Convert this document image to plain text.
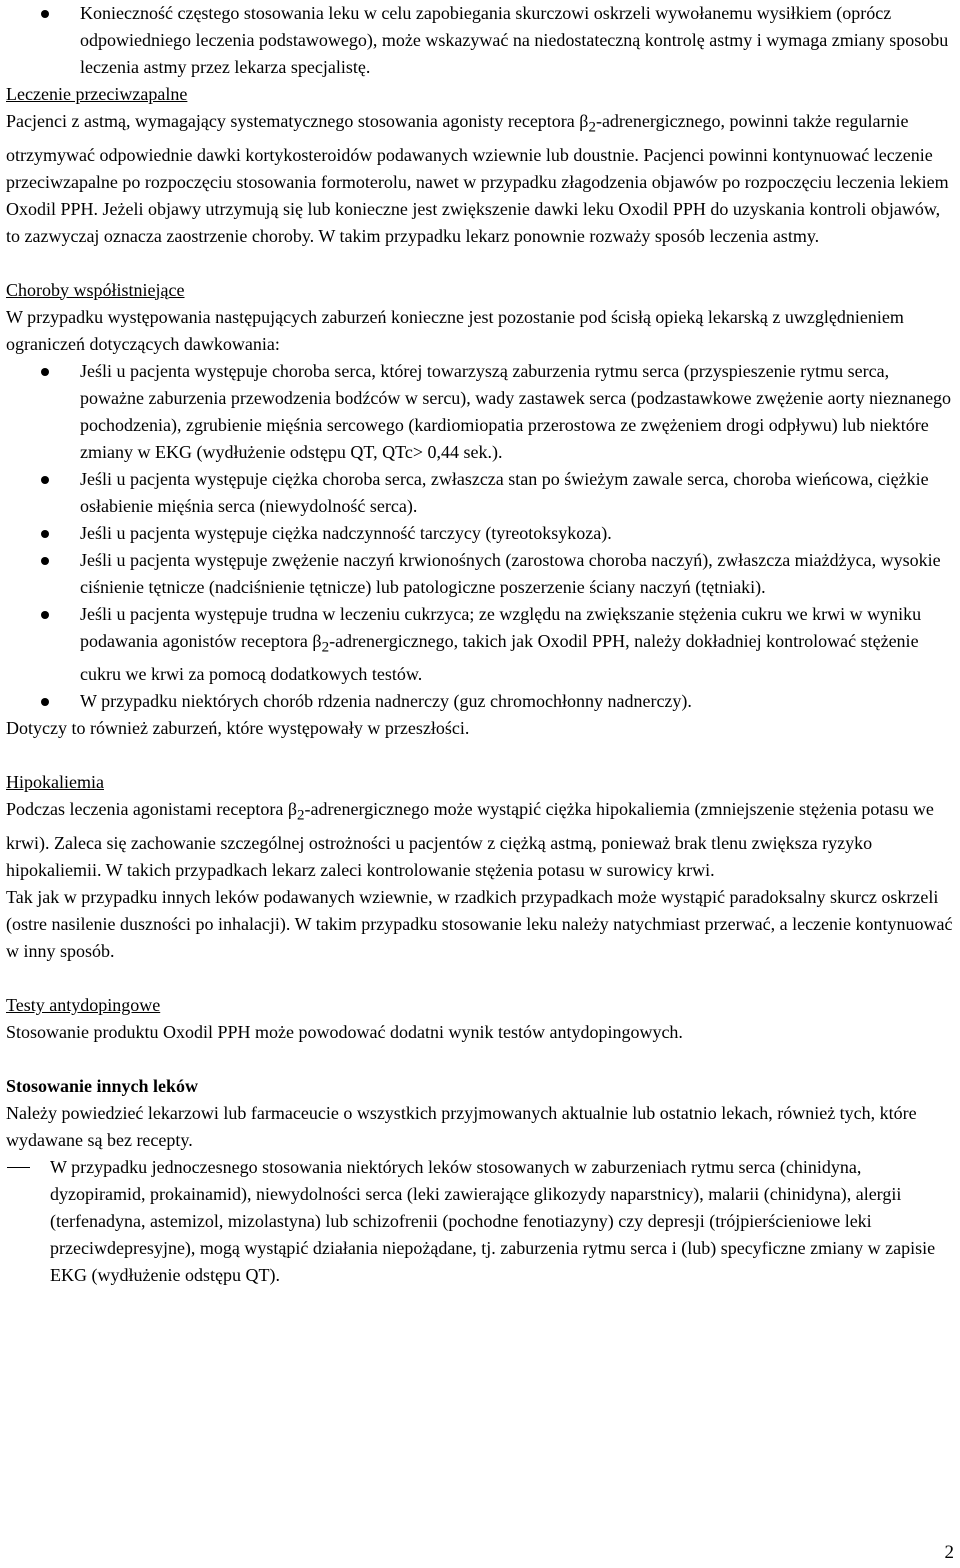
Konieczność częstego stosowania leku w celu zapobiegania skurczowi oskrzeli wywołanemu wysiłkiem (oprócz odpowiedniego leczenia podstawowego), może wskazywać na niedostateczną kontrolę astmy i wymaga zmiany sposobu leczenia astmy przez lekarza specjalistę.

Leczenie przeciwzapalne

Pacjenci z astmą, wymagający systematycznego stosowania agonisty receptora $\beta_2$-adrenergicznego, powinni także regularnie otrzymywać odpowiednie dawki kortykosteroidów podawanych wziewnie lub doustnie. Pacjenci powinni kontynuować leczenie przeciwzapalne po rozpoczęciu stosowania formoterolu, nawet w przypadku złagodzenia objawów po rozpoczęciu leczenia lekiem Oxodil PPH. Jeżeli objawy utrzymują się lub konieczne jest zwiększenie dawki leku Oxodil PPH do uzyskania kontroli objawów, to zazwyczaj oznacza zaostrzenie choroby. W takim przypadku lekarz ponownie rozważy sposób leczenia astmy.

Choroby współistniejące

W przypadku występowania następujących zaburzeń konieczne jest pozostanie pod ścisłą opieką lekarską z uwzględnieniem ograniczeń dotyczących dawkowania:

Jeśli u pacjenta występuje choroba serca, której towarzyszą zaburzenia rytmu serca (przyspieszenie rytmu serca, poważne zaburzenia przewodzenia bodźców w sercu), wady zastawek serca (podzastawkowe zwężenie aorty nieznanego pochodzenia), zgrubienie mięśnia sercowego (kardiomiopatia przerostowa ze zwężeniem drogi odpływu) lub niektóre zmiany w EKG (wydłużenie odstępu QT, QTc> 0,44 sek.).
Jeśli u pacjenta występuje ciężka choroba serca, zwłaszcza stan po świeżym zawale serca, choroba wieńcowa, ciężkie osłabienie mięśnia serca (niewydolność serca).
Jeśli u pacjenta występuje ciężka nadczynność tarczycy (tyreotoksykoza).
Jeśli u pacjenta występuje zwężenie naczyń krwionośnych (zarostowa choroba naczyń), zwłaszcza miażdżyca, wysokie ciśnienie tętnicze (nadciśnienie tętnicze) lub patologiczne poszerzenie ściany naczyń (tętniaki).
Jeśli u pacjenta występuje trudna w leczeniu cukrzyca; ze względu na zwiększanie stężenia cukru we krwi w wyniku podawania agonistów receptora $\beta_2$-adrenergicznego, takich jak Oxodil PPH, należy dokładniej kontrolować stężenie cukru we krwi za pomocą dodatkowych testów.
W przypadku niektórych chorób rdzenia nadnerczy (guz chromochłonny nadnerczy).

Dotyczy to również zaburzeń, które występowały w przeszłości.

Hipokaliemia

Podczas leczenia agonistami receptora $\beta_2$-adrenergicznego może wystąpić ciężka hipokaliemia (zmniejszenie stężenia potasu we krwi). Zaleca się zachowanie szczególnej ostrożności u pacjentów z ciężką astmą, ponieważ brak tlenu zwiększa ryzyko hipokaliemii. W takich przypadkach lekarz zaleci kontrolowanie stężenia potasu w surowicy krwi.

Tak jak w przypadku innych leków podawanych wziewnie, w rzadkich przypadkach może wystąpić paradoksalny skurcz oskrzeli (ostre nasilenie duszności po inhalacji). W takim przypadku stosowanie leku należy natychmiast przerwać, a leczenie kontynuować w inny sposób.

Testy antydopingowe

Stosowanie produktu Oxodil PPH może powodować dodatni wynik testów antydopingowych.

Stosowanie innych leków

Należy powiedzieć lekarzowi lub farmaceucie o wszystkich przyjmowanych aktualnie lub ostatnio lekach, również tych, które wydawane są bez recepty.

W przypadku jednoczesnego stosowania niektórych leków stosowanych w zaburzeniach rytmu serca (chinidyna, dyzopiramid, prokainamid), niewydolności serca (leki zawierające glikozydy naparstnicy), malarii (chinidyna), alergii (terfenadyna, astemizol, mizolastyna) lub schizofrenii (pochodne fenotiazyny) czy depresji (trójpierścieniowe leki przeciwdepresyjne), mogą wystąpić działania niepożądane, tj. zaburzenia rytmu serca i (lub) specyficzne zmiany w zapisie EKG (wydłużenie odstępu QT).
2
